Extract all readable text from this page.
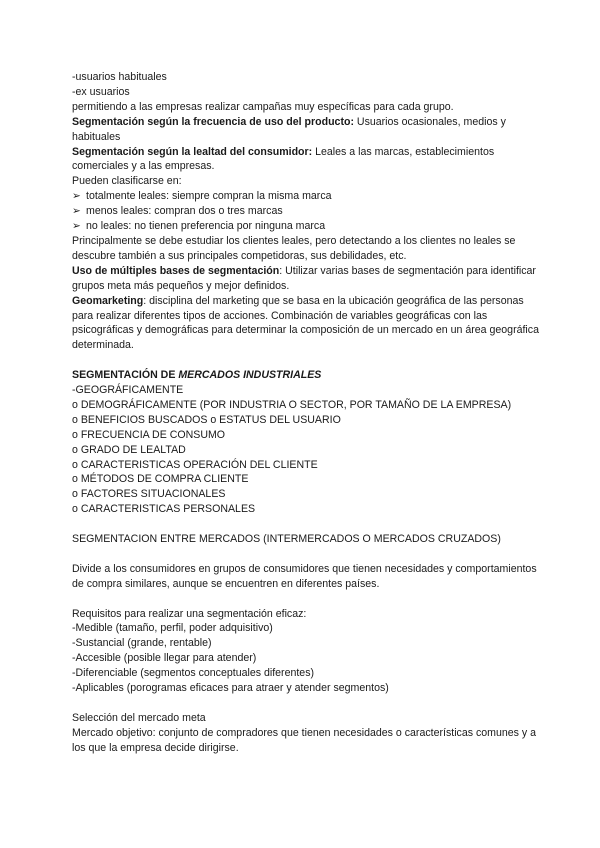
-usuarios habituales
-ex usuarios
permitiendo a las empresas realizar campañas muy específicas para cada grupo.
Segmentación según la frecuencia de uso del producto: Usuarios ocasionales, medios y habituales
Segmentación según la lealtad del consumidor: Leales a las marcas, establecimientos comerciales y a las empresas.
Pueden clasificarse en:
➢ totalmente leales: siempre compran la misma marca
➢ menos leales: compran dos o tres marcas
➢ no leales: no tienen preferencia por ninguna marca
Principalmente se debe estudiar los clientes leales, pero detectando a los clientes no leales se descubre también a sus principales competidoras, sus debilidades, etc.
Uso de múltiples bases de segmentación: Utilizar varias bases de segmentación para identificar grupos meta más pequeños y mejor definidos.
Geomarketing: disciplina del marketing que se basa en la ubicación geográfica de las personas para realizar diferentes tipos de acciones. Combinación de variables geográficas con las psicográficas y demográficas para determinar la composición de un mercado en un área geográfica determinada.
SEGMENTACIÓN DE MERCADOS INDUSTRIALES
-GEOGRÁFICAMENTE
o DEMOGRÁFICAMENTE (POR INDUSTRIA O SECTOR, POR TAMAÑO DE LA EMPRESA)
o BENEFICIOS BUSCADOS o ESTATUS DEL USUARIO
o FRECUENCIA DE CONSUMO
o GRADO DE LEALTAD
o CARACTERISTICAS OPERACIÓN DEL CLIENTE
o MÉTODOS DE COMPRA CLIENTE
o FACTORES SITUACIONALES
o CARACTERISTICAS PERSONALES
SEGMENTACION ENTRE MERCADOS (INTERMERCADOS O MERCADOS CRUZADOS)
Divide a los consumidores en grupos de consumidores que tienen necesidades y comportamientos de compra similares, aunque se encuentren en diferentes países.
Requisitos para realizar una segmentación eficaz:
-Medible (tamaño, perfil, poder adquisitivo)
-Sustancial (grande, rentable)
-Accesible (posible llegar para atender)
-Diferenciable (segmentos conceptuales diferentes)
-Aplicables (porogramas eficaces para atraer y atender segmentos)
Selección del mercado meta
Mercado objetivo: conjunto de compradores que tienen necesidades o características comunes y a los que la empresa decide dirigirse.
